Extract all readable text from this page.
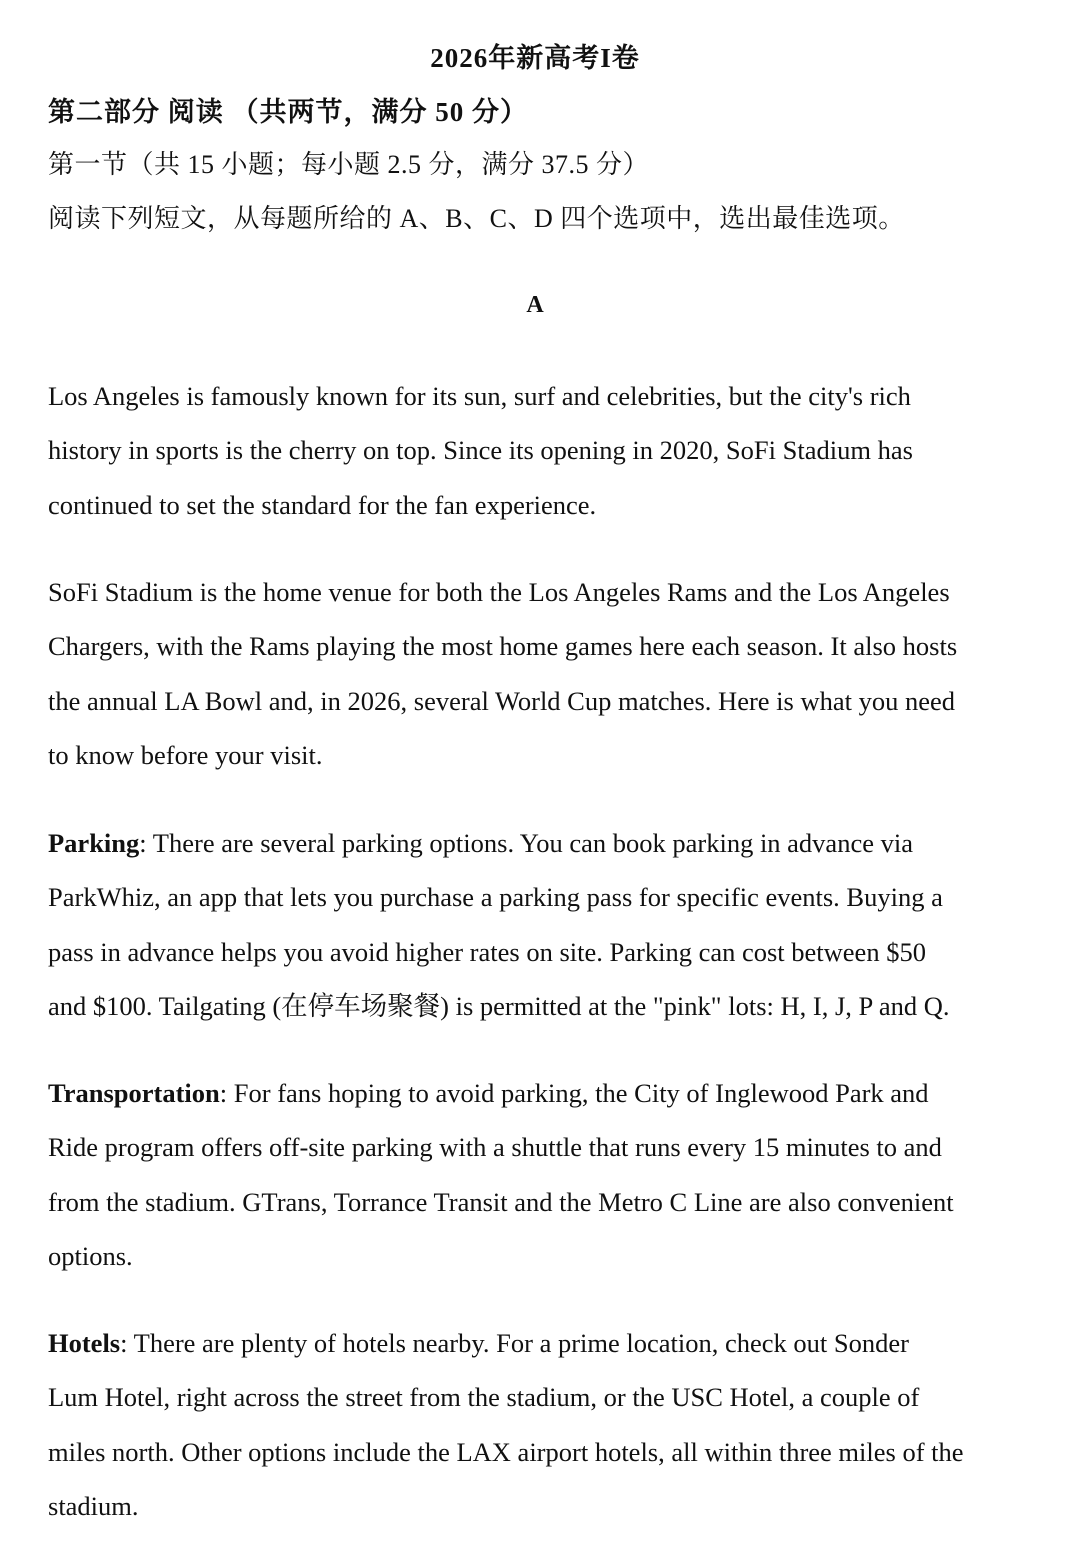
2026年新高考I卷
第二部分 阅读 （共两节，满分 50 分）
第一节（共 15 小题；每小题 2.5 分，满分 37.5 分）
阅读下列短文，从每题所给的 A、B、C、D 四个选项中，选出最佳选项。
A
Los Angeles is famously known for its sun, surf and celebrities, but the city's rich
history in sports is the cherry on top. Since its opening in 2020, SoFi Stadium has
continued to set the standard for the fan experience.
SoFi Stadium is the home venue for both the Los Angeles Rams and the Los Angeles
Chargers, with the Rams playing the most home games here each season. It also hosts
the annual LA Bowl and, in 2026, several World Cup matches. Here is what you need
to know before your visit.
Parking: There are several parking options. You can book parking in advance via
ParkWhiz, an app that lets you purchase a parking pass for specific events. Buying a
pass in advance helps you avoid higher rates on site. Parking can cost between $50
and $100. Tailgating (在停车场聚餐) is permitted at the "pink" lots: H, I, J, P and Q.
Transportation: For fans hoping to avoid parking, the City of Inglewood Park and
Ride program offers off-site parking with a shuttle that runs every 15 minutes to and
from the stadium. GTrans, Torrance Transit and the Metro C Line are also convenient
options.
Hotels: There are plenty of hotels nearby. For a prime location, check out Sonder
Lum Hotel, right across the street from the stadium, or the USC Hotel, a couple of
miles north. Other options include the LAX airport hotels, all within three miles of the
stadium.
